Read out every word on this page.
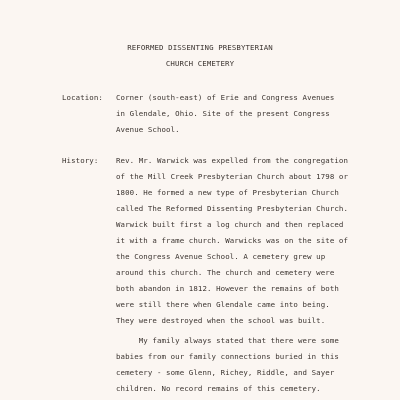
REFORMED DISSENTING PRESBYTERIAN
CHURCH CEMETERY
Location: Corner (south-east) of Erie and Congress Avenues
in Glendale, Ohio. Site of the present Congress
Avenue School.
History: Rev. Mr. Warwick was expelled from the congregation
of the Mill Creek Presbyterian Church about 1798 or
1800. He formed a new type of Presbyterian Church
called The Reformed Dissenting Presbyterian Church.
Warwick built first a log church and then replaced
it with a frame church. Warwicks was on the site of
the Congress Avenue School. A cemetery grew up
around this church. The church and cemetery were
both abandon in 1812. However the remains of both
were still there when Glendale came into being.
They were destroyed when the school was built.
My family always stated that there were some
babies from our family connections buried in this
cemetery - some Glenn, Richey, Riddle, and Sayer
children. No record remains of this cemetery.
